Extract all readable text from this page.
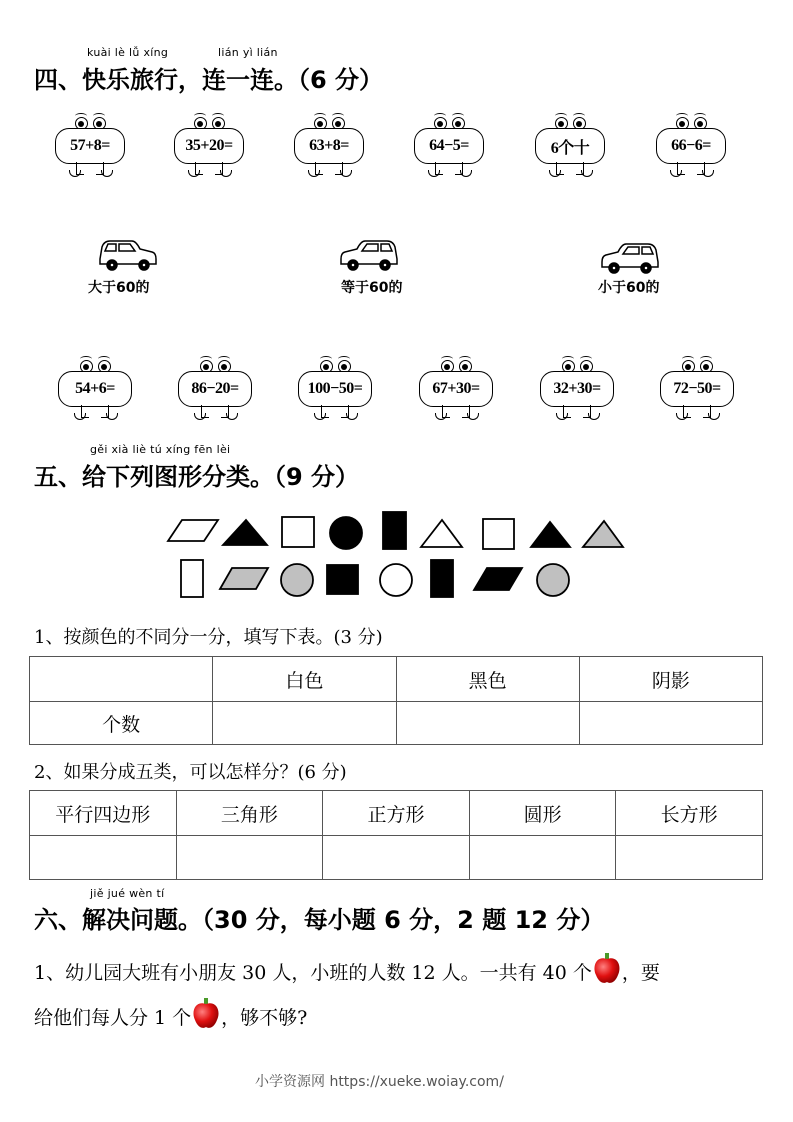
kuài lè lǚ xíng	lián yì lián
四、快乐旅行，连一连。（6 分）
57+8=	35+20=	63+8=	64−5=	6个十	66−6=
大于60的	等于60的	小于60的
54+6=	86−20=	100−50=	67+30=	32+30=	72−50=
gěi xià liè tú xíng fēn lèi
五、给下列图形分类。（9 分）
1、按颜色的不同分一分，填写下表。(3 分)
	白色	黑色	阴影
个数			
2、如果分成五类，可以怎样分？(6 分)
平行四边形	三角形	正方形	圆形	长方形

jiě jué wèn tí
六、解决问题。（30 分，每小题 6 分，2 题 12 分）
1、幼儿园大班有小朋友 30 人，小班的人数 12 人。一共有 40 个 ，要
给他们每人分 1 个 ，够不够?
小学资源网 https://xueke.woiay.com/
